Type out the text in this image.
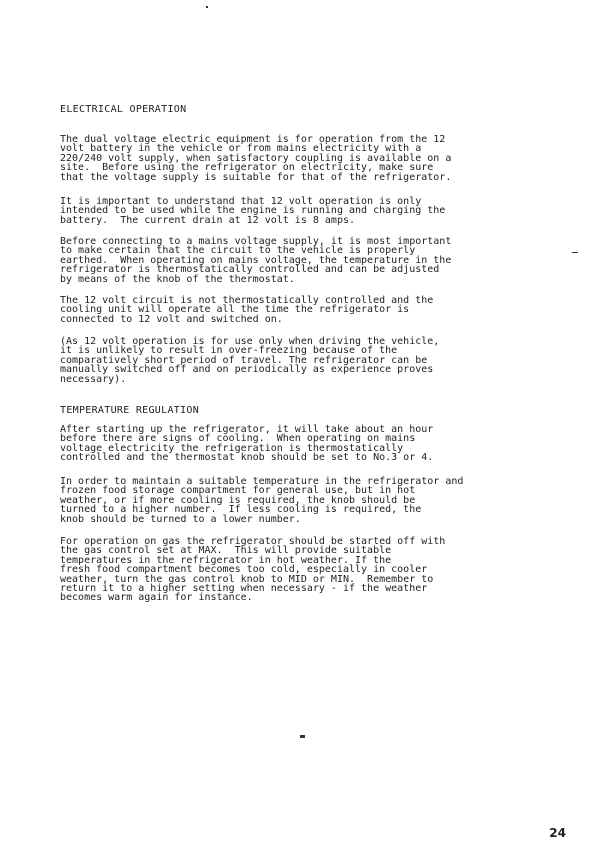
ELECTRICAL OPERATION
The dual voltage electric equipment is for operation from the 12
volt battery in the vehicle or from mains electricity with a
220/240 volt supply, when satisfactory coupling is available on a
site.  Before using the refrigerator on electricity, make sure
that the voltage supply is suitable for that of the refrigerator.
It is important to understand that 12 volt operation is only
intended to be used while the engine is running and charging the
battery.  The current drain at 12 volt is 8 amps.
Before connecting to a mains voltage supply, it is most important
to make certain that the circuit to the vehicle is properly
earthed.  When operating on mains voltage, the temperature in the
refrigerator is thermostatically controlled and can be adjusted
by means of the knob of the thermostat.
The 12 volt circuit is not thermostatically controlled and the
cooling unit will operate all the time the refrigerator is
connected to 12 volt and switched on.
(As 12 volt operation is for use only when driving the vehicle,
it is unlikely to result in over-freezing because of the
comparatively short period of travel. The refrigerator can be
manually switched off and on periodically as experience proves
necessary).
TEMPERATURE REGULATION
After starting up the refrigerator, it will take about an hour
before there are signs of cooling.  When operating on mains
voltage electricity the refrigeration is thermostatically
controlled and the thermostat knob should be set to No.3 or 4.
In order to maintain a suitable temperature in the refrigerator and
frozen food storage compartment for general use, but in hot
weather, or if more cooling is required, the knob should be
turned to a higher number.  If less cooling is required, the
knob should be turned to a lower number.
For operation on gas the refrigerator should be started off with
the gas control set at MAX.  This will provide suitable
temperatures in the refrigerator in hot weather. If the
fresh food compartment becomes too cold, especially in cooler
weather, turn the gas control knob to MID or MIN.  Remember to
return it to a higher setting when necessary - if the weather
becomes warm again for instance.
24
